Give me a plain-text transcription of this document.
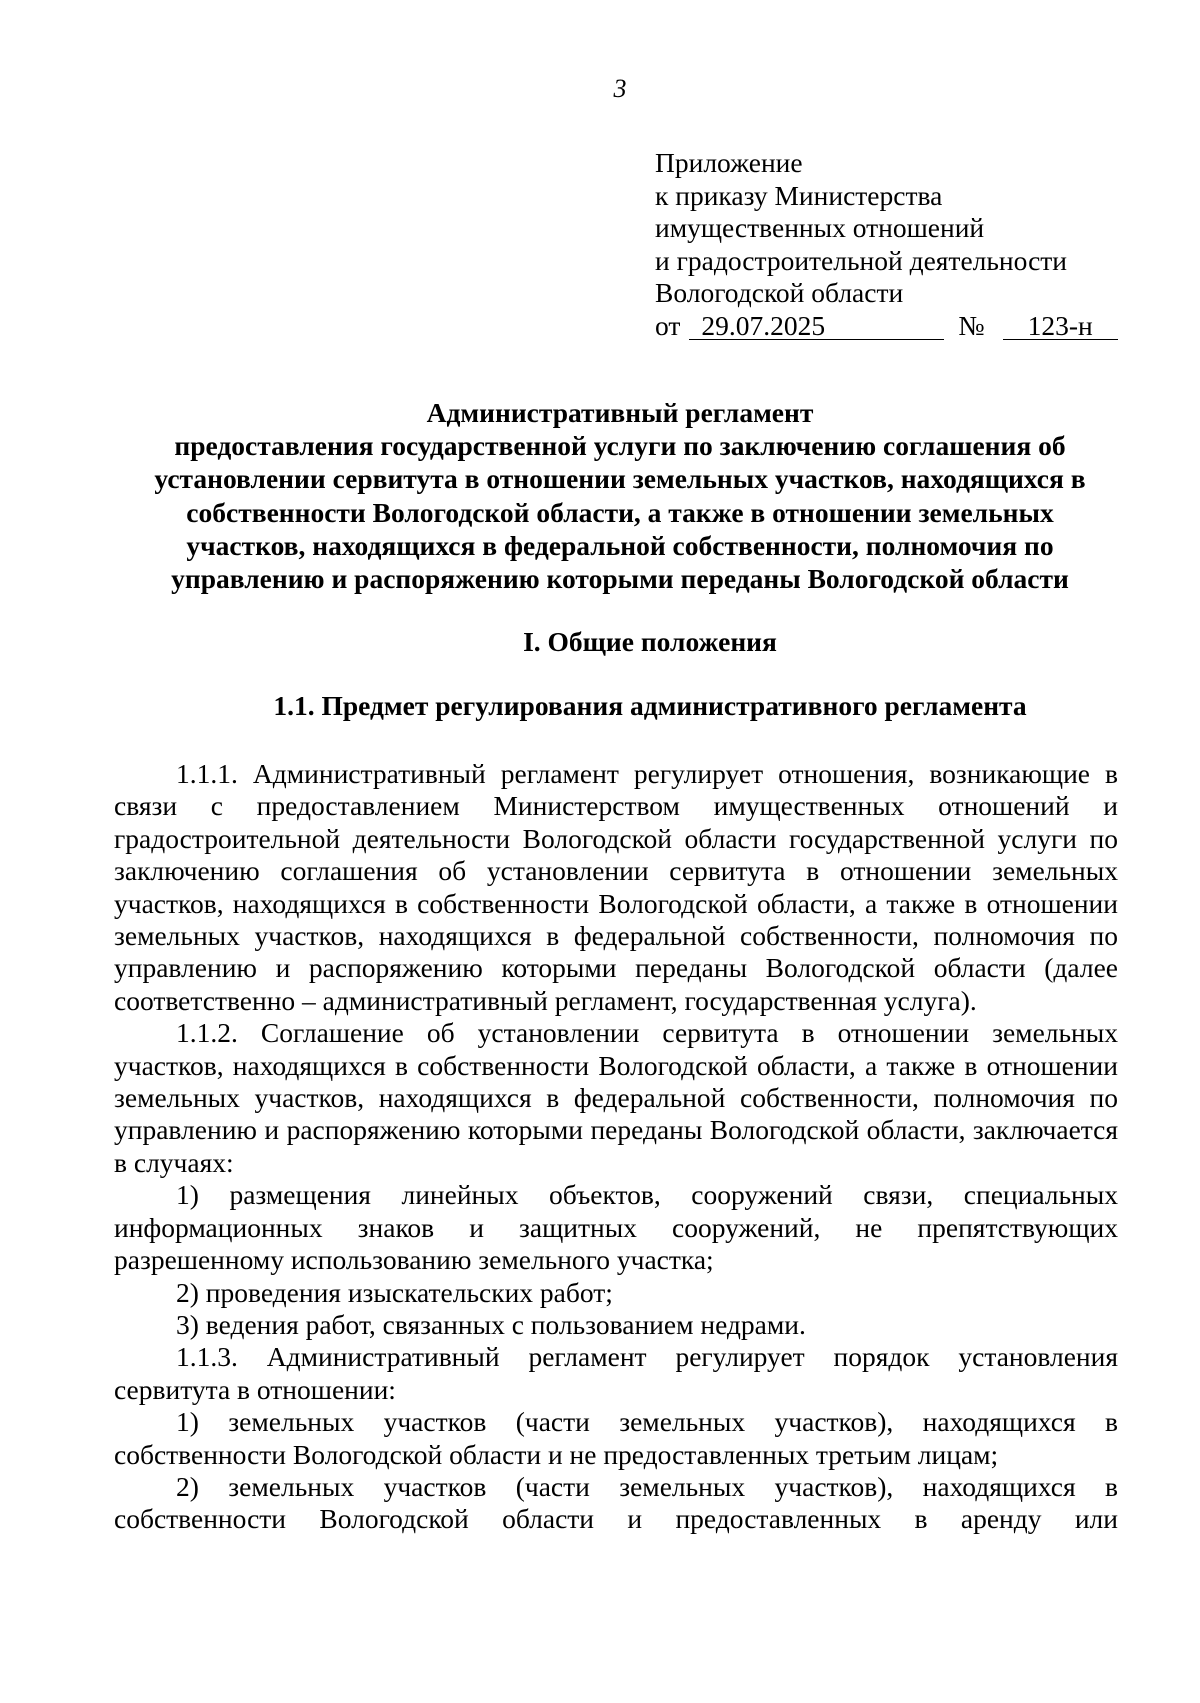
3
Приложение
к приказу Министерства
имущественных отношений
и градостроительной деятельности
Вологодской области
от 29.07.2025	№	123-н
Административный регламент
предоставления государственной услуги по заключению соглашения об
установлении сервитута в отношении земельных участков, находящихся в
собственности Вологодской области, а также в отношении земельных
участков, находящихся в федеральной собственности, полномочия по
управлению и распоряжению которыми переданы Вологодской области
I. Общие положения
1.1. Предмет регулирования административного регламента

1.1.1. Административный регламент регулирует отношения, возникающие в связи с предоставлением Министерством имущественных отношений и градостроительной деятельности Вологодской области государственной услуги по заключению соглашения об установлении сервитута в отношении земельных участков, находящихся в собственности Вологодской области, а также в отношении земельных участков, находящихся в федеральной собственности, полномочия по управлению и распоряжению которыми переданы Вологодской области (далее соответственно – административный регламент, государственная услуга).

1.1.2. Соглашение об установлении сервитута в отношении земельных участков, находящихся в собственности Вологодской области, а также в отношении земельных участков, находящихся в федеральной собственности, полномочия по управлению и распоряжению которыми переданы Вологодской области, заключается в случаях:

1) размещения линейных объектов, сооружений связи, специальных информационных знаков и защитных сооружений, не препятствующих разрешенному использованию земельного участка;

2) проведения изыскательских работ;

3) ведения работ, связанных с пользованием недрами.

1.1.3. Административный регламент регулирует порядок установления сервитута в отношении:

1) земельных участков (части земельных участков), находящихся в собственности Вологодской области и не предоставленных третьим лицам;

2) земельных участков (части земельных участков), находящихся в собственности Вологодской области и предоставленных в аренду или
